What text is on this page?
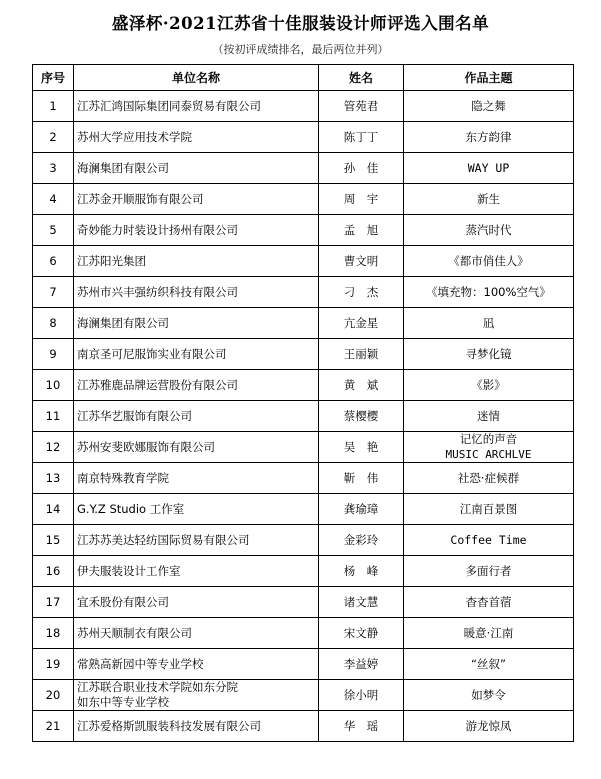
盛泽杯·2021江苏省十佳服装设计师评选入围名单
（按初评成绩排名，最后两位并列）
序号	单位名称	姓名	作品主题
1	江苏汇鸿国际集团同泰贸易有限公司	管苑君	隐之舞
2	苏州大学应用技术学院	陈丁丁	东方韵律
3	海澜集团有限公司	孙　佳	WAY UP
4	江苏金开顺服饰有限公司	周　宇	新生
5	奇妙能力时装设计扬州有限公司	孟　旭	蒸汽时代
6	江苏阳光集团	曹文明	《都市俏佳人》
7	苏州市兴丰强纺织科技有限公司	刁　杰	《填充物：100%空气》
8	海澜集团有限公司	亢金星	凪
9	南京圣可尼服饰实业有限公司	王丽颖	寻梦化镜
10	江苏雅鹿品牌运营股份有限公司	黄　斌	《影》
11	江苏华艺服饰有限公司	蔡樱樱	迷情
12	苏州安斐欧娜服饰有限公司	吴　艳	记忆的声音
MUSIC ARCHLVE

13	南京特殊教育学院	靳　伟	社恐·症候群
14	G.Y.Z Studio 工作室	龚瑜璋	江南百景图
15	江苏苏美达轻纺国际贸易有限公司	金彩玲	Coffee Time
16	伊夫服装设计工作室	杨　峰	多面行者
17	宜禾股份有限公司	诸文慧	杳杳首蓿
18	苏州天顺制衣有限公司	宋文静	暖意·江南
19	常熟高新园中等专业学校	李益婷	“丝叙”
20	江苏联合职业技术学院如东分院
如东中等专业学校	徐小明	如梦令
21	江苏爱格斯凯服装科技发展有限公司	华　瑶	游龙惊凤
